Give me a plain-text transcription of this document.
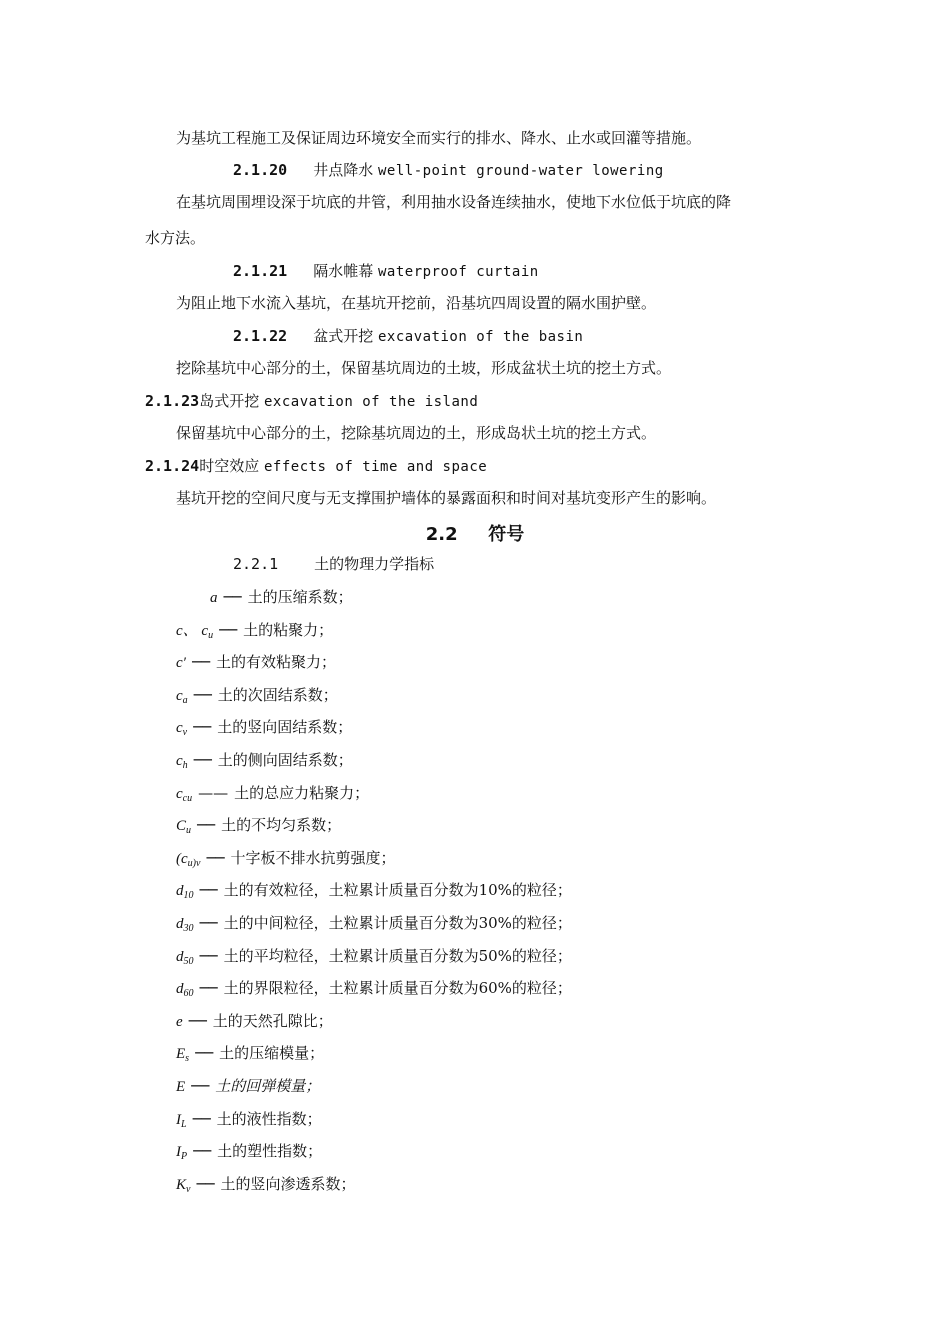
为基坑工程施工及保证周边环境安全而实行的排水、降水、止水或回灌等措施。
2.1.20 井点降水 well-point ground-water lowering
在基坑周围埋设深于坑底的井管，利用抽水设备连续抽水，使地下水位低于坑底的降
水方法。
2.1.21 隔水帷幕 waterproof curtain
为阻止地下水流入基坑，在基坑开挖前，沿基坑四周设置的隔水围护壁。
2.1.22 盆式开挖 excavation of the basin
挖除基坑中心部分的土，保留基坑周边的土坡，形成盆状土坑的挖土方式。
2.1.23岛式开挖 excavation of the island
保留基坑中心部分的土，挖除基坑周边的土，形成岛状土坑的挖土方式。
2.1.24时空效应 effects of time and space
基坑开挖的空间尺度与无支撑围护墙体的暴露面积和时间对基坑变形产生的影响。
2.2 符号
2.2.1 土的物理力学指标
a ── 土的压缩系数；
c、 $c_u$ ── 土的粘聚力；
c′ ── 土的有效粘聚力；
$c_a$ ── 土的次固结系数；
$c_v$ ── 土的竖向固结系数；
$c_h$ ── 土的侧向固结系数；
$c_{cu}$ —— 土的总应力粘聚力；
$C_u$ ── 土的不均匀系数；
($c_{u)v}$ ── 十字板不排水抗剪强度；
$d_{10}$ ── 土的有效粒径，土粒累计质量百分数为10%的粒径；
$d_{30}$ ── 土的中间粒径，土粒累计质量百分数为30%的粒径；
$d_{50}$ ── 土的平均粒径，土粒累计质量百分数为50%的粒径；
$d_{60}$ ── 土的界限粒径，土粒累计质量百分数为60%的粒径；
e ── 土的天然孔隙比；
$E_s$ ── 土的压缩模量；
E ── 土的回弹模量；
$I_L$ ── 土的液性指数；
$I_P$ ── 土的塑性指数；
$K_v$ ── 土的竖向渗透系数；
